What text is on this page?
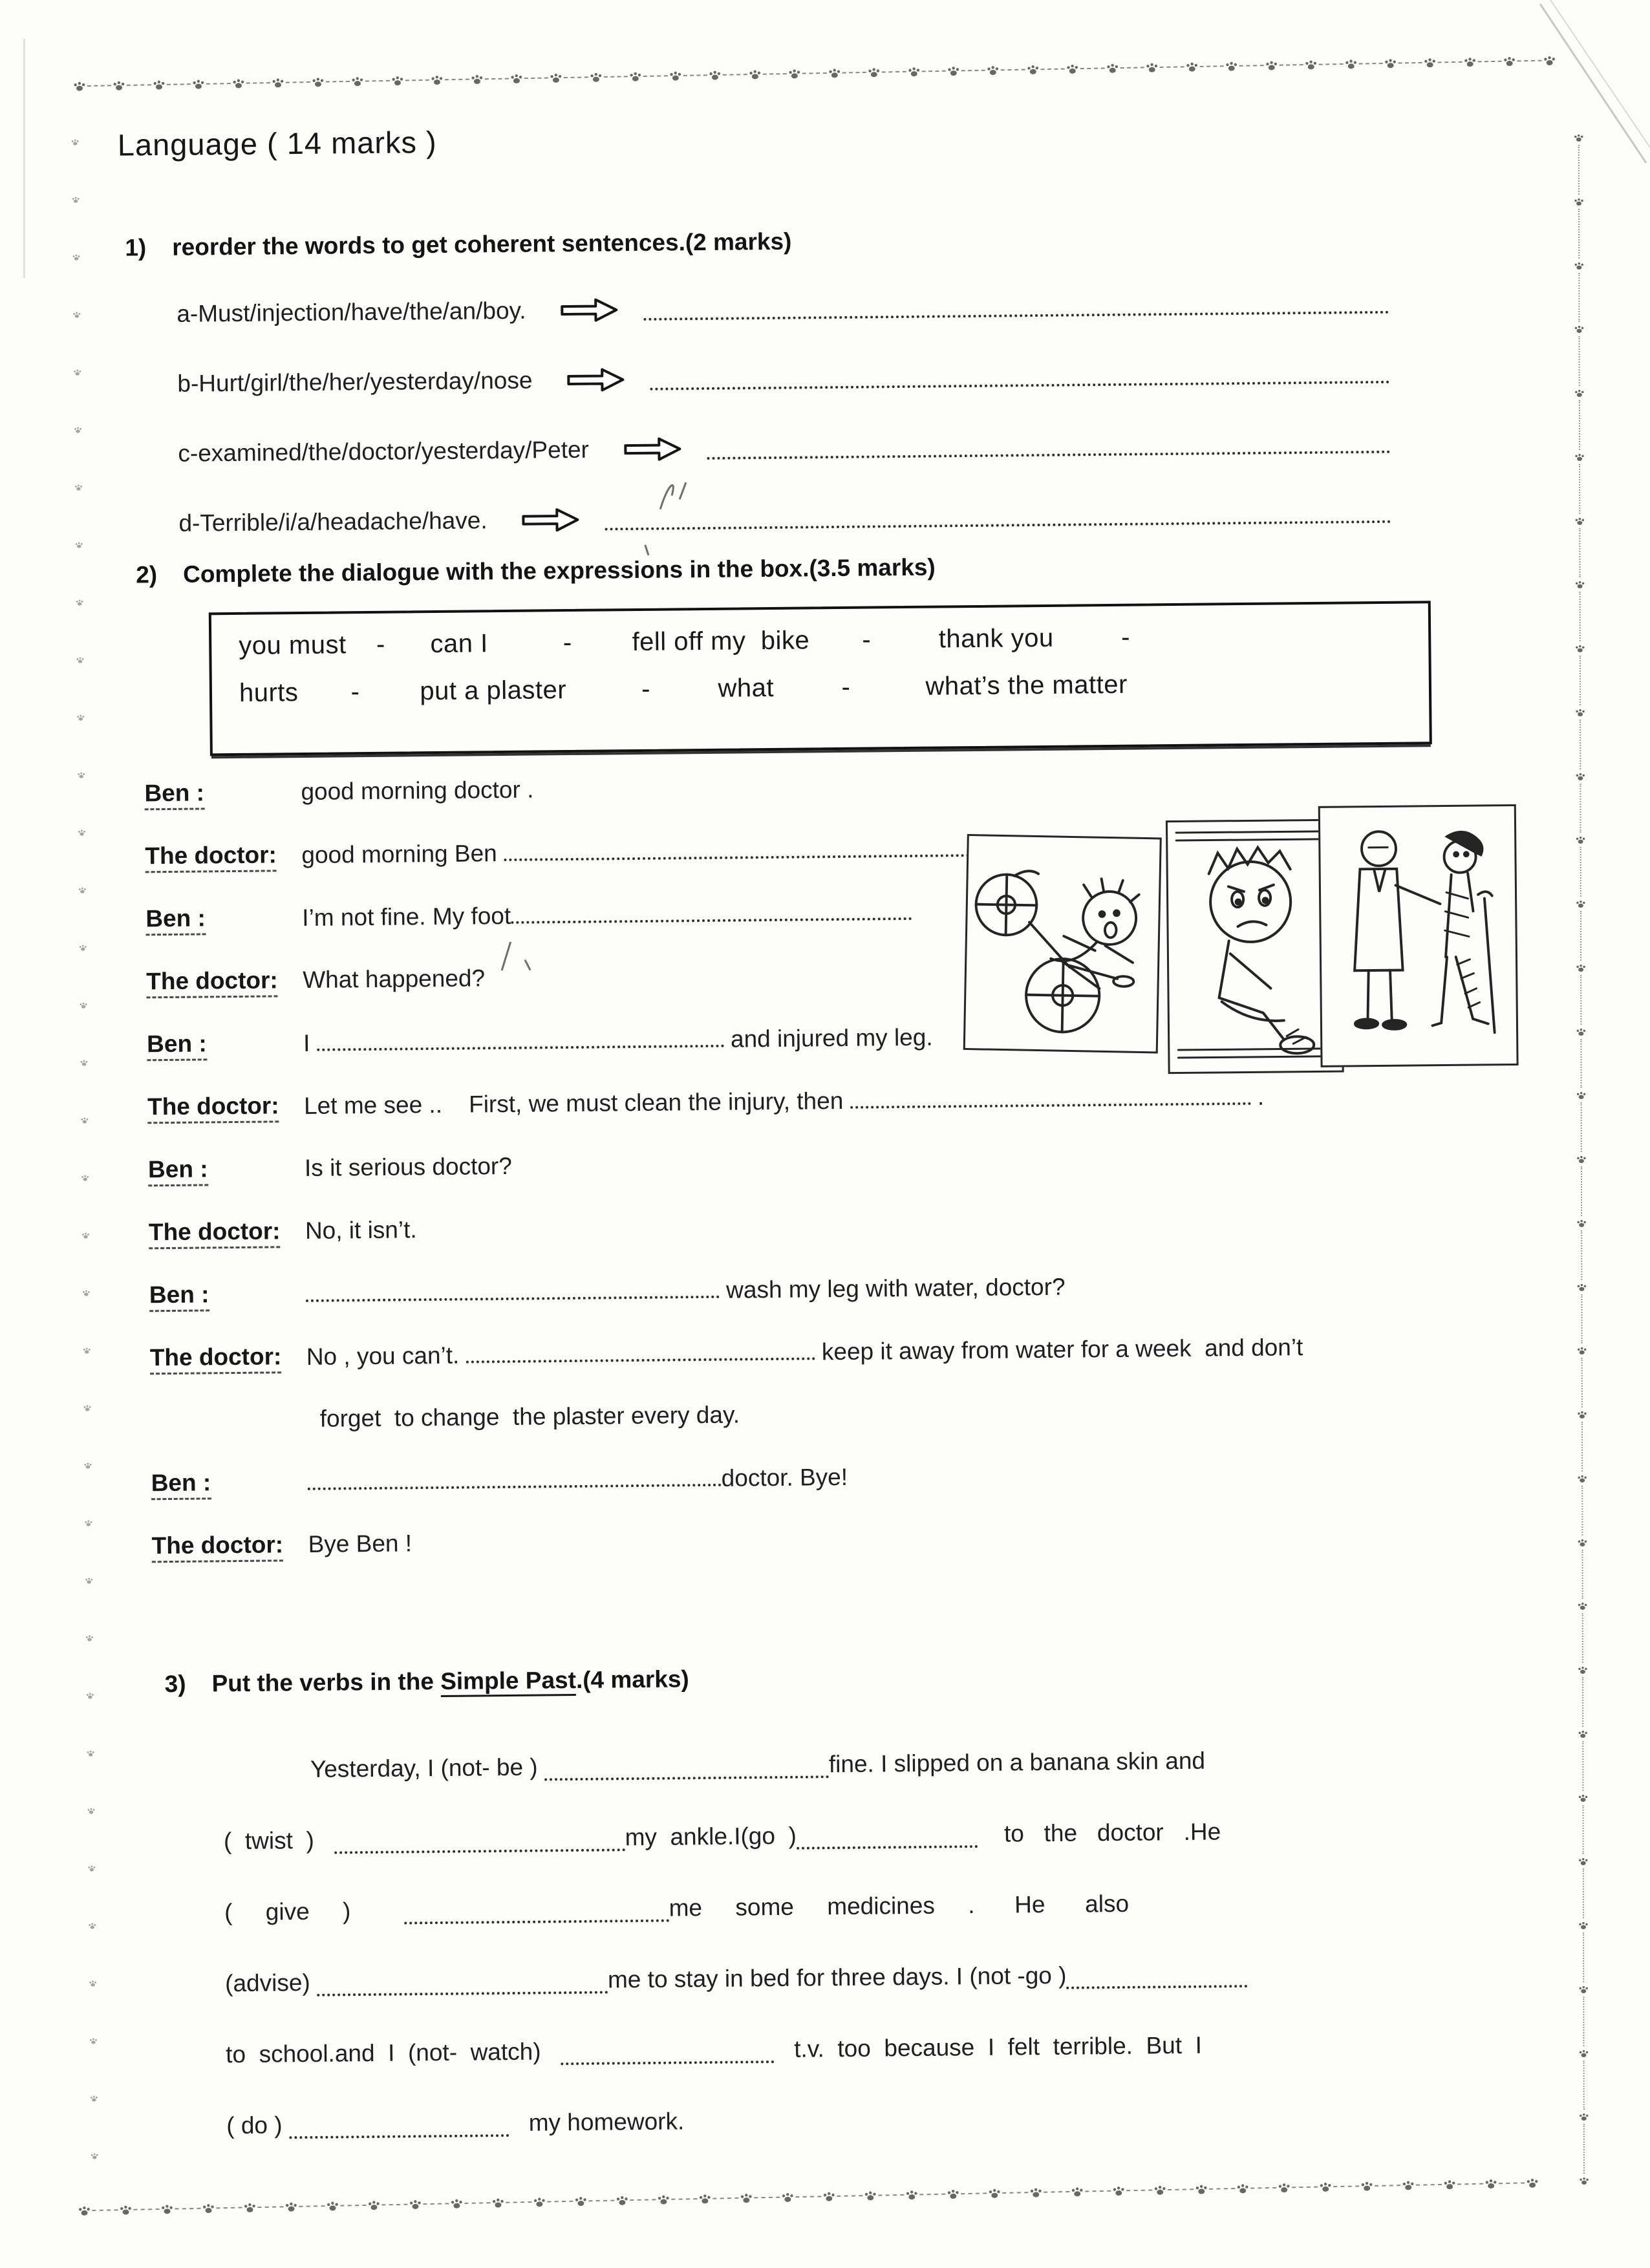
Language ( 14 marks )
1) reorder the words to get coherent sentences.(2 marks)
a-Must/injection/have/the/an/boy.
b-Hurt/girl/the/her/yesterday/nose
c-examined/the/doctor/yesterday/Peter
d-Terrible/i/a/headache/have.
2) Complete the dialogue with the expressions in the box.(3.5 marks)
you must    -      can I          -        fell off my  bike       -         thank you         -
hurts       -        put a plaster          -         what         -          what’s the matter
Ben :	good morning doctor .
The doctor:	good morning Ben
Ben :	I’m not fine. My foot
The doctor:	What happened?
Ben :	I	and injured my leg.
The doctor:	Let me see ..    First, we must clean the injury, then	.
Ben :	Is it serious doctor?
The doctor:	No, it isn’t.
Ben :	wash my leg with water, doctor?
The doctor:	No , you can’t.	keep it away from water for a week  and don’t
forget  to change  the plaster every day.
Ben :	doctor. Bye!
The doctor:	Bye Ben !
3) Put the verbs in the Simple Past.(4 marks)
Yesterday, I (not- be )	fine. I slipped on a banana skin and
(  twist  )	my  ankle.I(go  )	to   the   doctor   .He
(     give     )	me     some     medicines     .      He      also
(advise)	me to stay in bed for three days. I (not -go )
to  school.and  I  (not-  watch)	t.v.  too  because  I  felt  terrible.  But  I
( do )	my homework.
